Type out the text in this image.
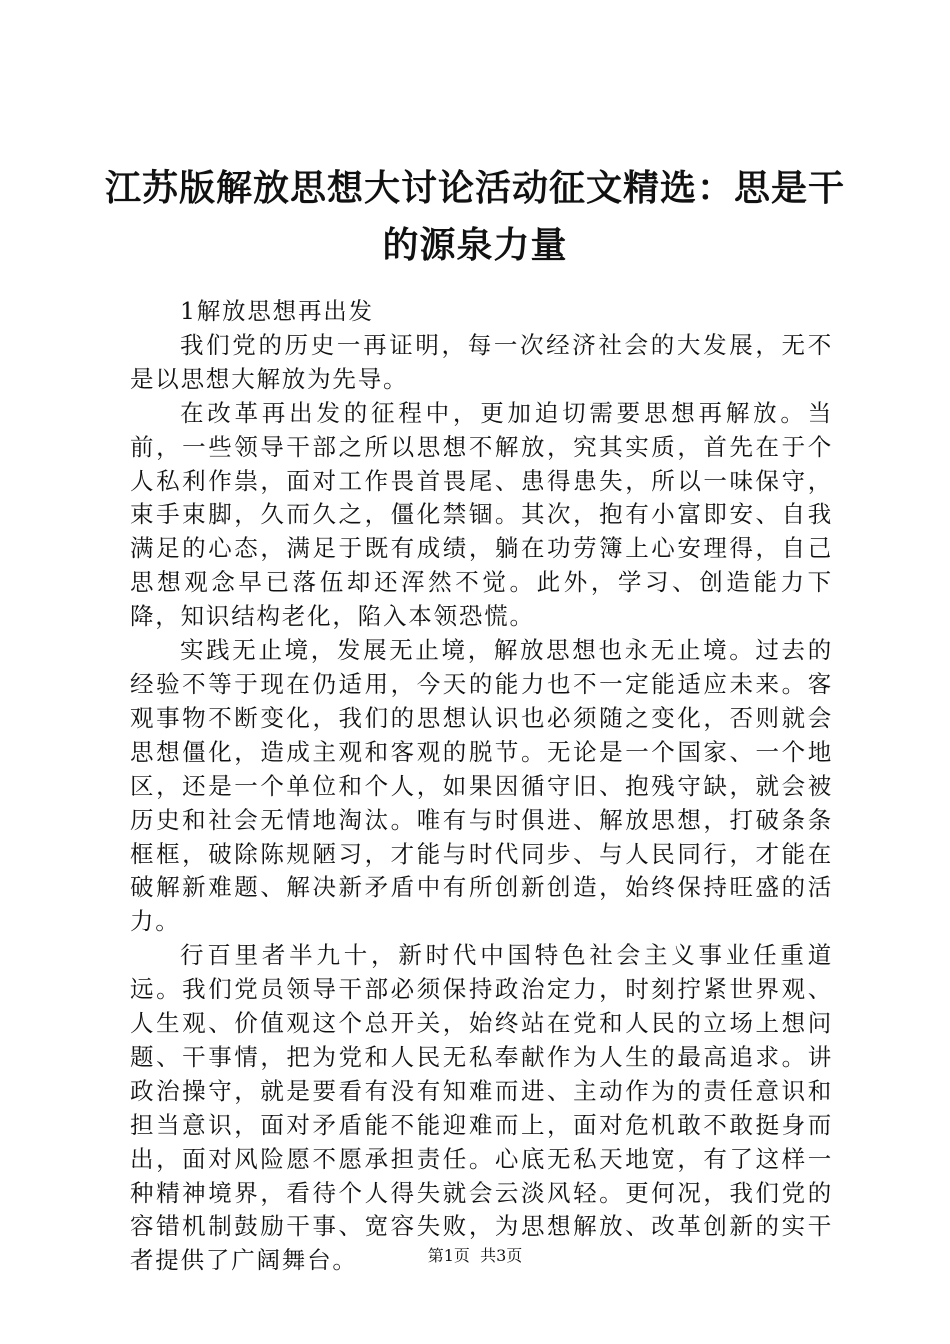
江苏版解放思想大讨论活动征文精选：思是干的源泉力量

1解放思想再出发

我们党的历史一再证明，每一次经济社会的大发展，无不是以思想大解放为先导。

在改革再出发的征程中，更加迫切需要思想再解放。当前，一些领导干部之所以思想不解放，究其实质，首先在于个人私利作祟，面对工作畏首畏尾、患得患失，所以一味保守，束手束脚，久而久之，僵化禁锢。其次，抱有小富即安、自我满足的心态，满足于既有成绩，躺在功劳簿上心安理得，自己思想观念早已落伍却还浑然不觉。此外，学习、创造能力下降，知识结构老化，陷入本领恐慌。

实践无止境，发展无止境，解放思想也永无止境。过去的经验不等于现在仍适用，今天的能力也不一定能适应未来。客观事物不断变化，我们的思想认识也必须随之变化，否则就会思想僵化，造成主观和客观的脱节。无论是一个国家、一个地区，还是一个单位和个人，如果因循守旧、抱残守缺，就会被历史和社会无情地淘汰。唯有与时俱进、解放思想，打破条条框框，破除陈规陋习，才能与时代同步、与人民同行，才能在破解新难题、解决新矛盾中有所创新创造，始终保持旺盛的活力。

行百里者半九十，新时代中国特色社会主义事业任重道远。我们党员领导干部必须保持政治定力，时刻拧紧世界观、人生观、价值观这个总开关，始终站在党和人民的立场上想问题、干事情，把为党和人民无私奉献作为人生的最高追求。讲政治操守，就是要看有没有知难而进、主动作为的责任意识和担当意识，面对矛盾能不能迎难而上，面对危机敢不敢挺身而出，面对风险愿不愿承担责任。心底无私天地宽，有了这样一种精神境界，看待个人得失就会云淡风轻。更何况，我们党的容错机制鼓励干事、宽容失败，为思想解放、改革创新的实干者提供了广阔舞台。	第1页 共3页
